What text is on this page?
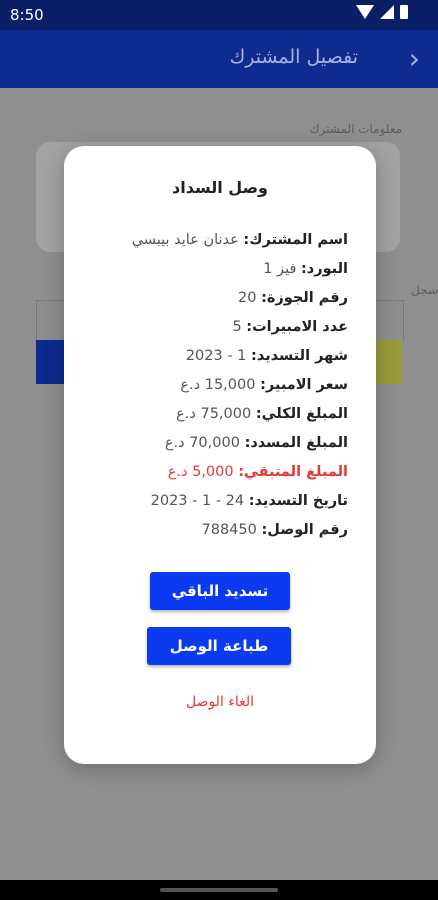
8:50
تفصيل المشترك ›
معلومات المشترك
سجل
وصل السداد
اسم المشترك: عدنان عايد بيبسي
البورد: فيز 1
رقم الجوزة: 20
عدد الامبيرات: 5
شهر التسديد: 1 - 2023
سعر الامبير: 15,000 د.ع
المبلغ الكلي: 75,000 د.ع
المبلغ المسدد: 70,000 د.ع
المبلغ المتبقي: 5,000 د.ع
تاريخ التسديد: 24 - 1 - 2023
رقم الوصل: 788450
تسديد الباقي
طباعة الوصل
الغاء الوصل
